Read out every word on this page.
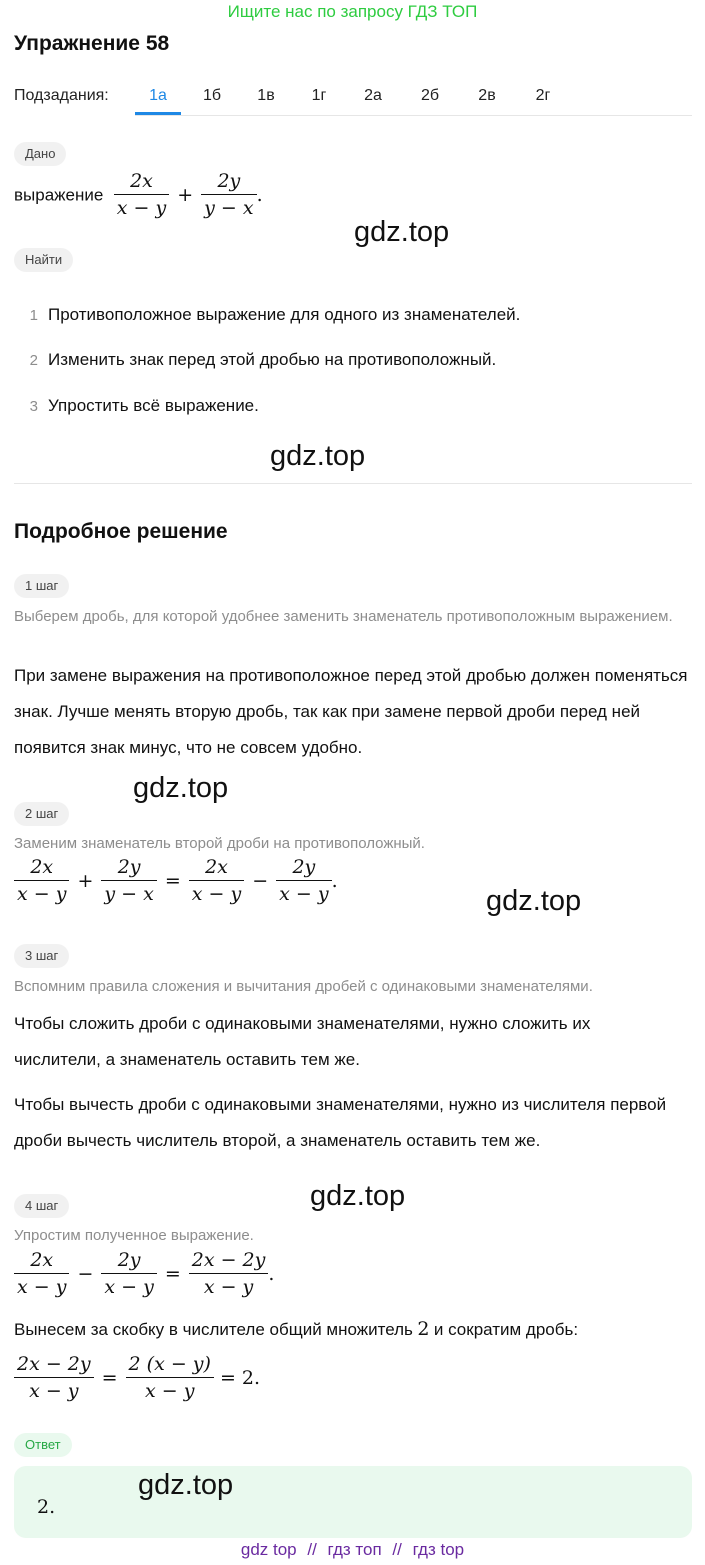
Ищите нас по запросу ГДЗ ТОП
Упражнение 58
Подзадания:	1а	1б	1в	1г	2а	2б	2в	2г
Дано
выражение $\frac{2x}{x - y} + \frac{2y}{y - x}$ .
gdz.top
Найти
1 Противоположное выражение для одного из знаменателей.
2 Изменить знак перед этой дробью на противоположный.
3 Упростить всё выражение.
gdz.top
Подробное решение
1 шаг
Выберем дробь, для которой удобнее заменить знаменатель противоположным выражением.
При замене выражения на противоположное перед этой дробью должен поменяться знак. Лучше менять вторую дробь, так как при замене первой дроби перед ней появится знак минус, что не совсем удобно.
gdz.top
2 шаг
Заменим знаменатель второй дроби на противоположный.
$\frac{2x}{x - y} + \frac{2y}{y - x} = \frac{2x}{x - y} - \frac{2y}{x - y}$ .
gdz.top
3 шаг
Вспомним правила сложения и вычитания дробей с одинаковыми знаменателями.
Чтобы сложить дроби с одинаковыми знаменателями, нужно сложить их числители, а знаменатель оставить тем же.
Чтобы вычесть дроби с одинаковыми знаменателями, нужно из числителя первой дроби вычесть числитель второй, а знаменатель оставить тем же.
gdz.top
4 шаг
Упростим полученное выражение.
$\frac{2x}{x - y} - \frac{2y}{x - y} = \frac{2x - 2y}{x - y}$ .
Вынесем за скобку в числителе общий множитель 2 и сократим дробь:
$\frac{2x - 2y}{x - y} = \frac{2 (x - y)}{x - y} = 2$.
Ответ
2.
gdz.top
gdz top // гдз топ // гдз top
